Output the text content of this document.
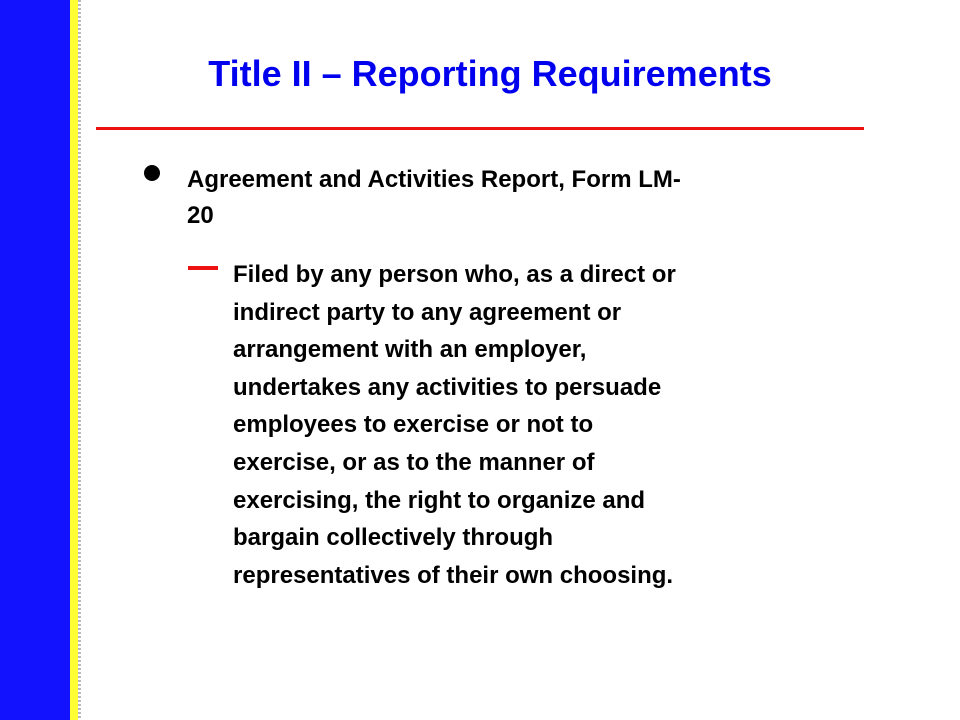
Title II – Reporting Requirements

Agreement and Activities Report, Form LM-
20

Filed by any person who, as a direct or
indirect party to any agreement or
arrangement with an employer,
undertakes any activities to persuade
employees to exercise or not to
exercise, or as to the manner of
exercising, the right to organize and
bargain collectively through
representatives of their own choosing.
